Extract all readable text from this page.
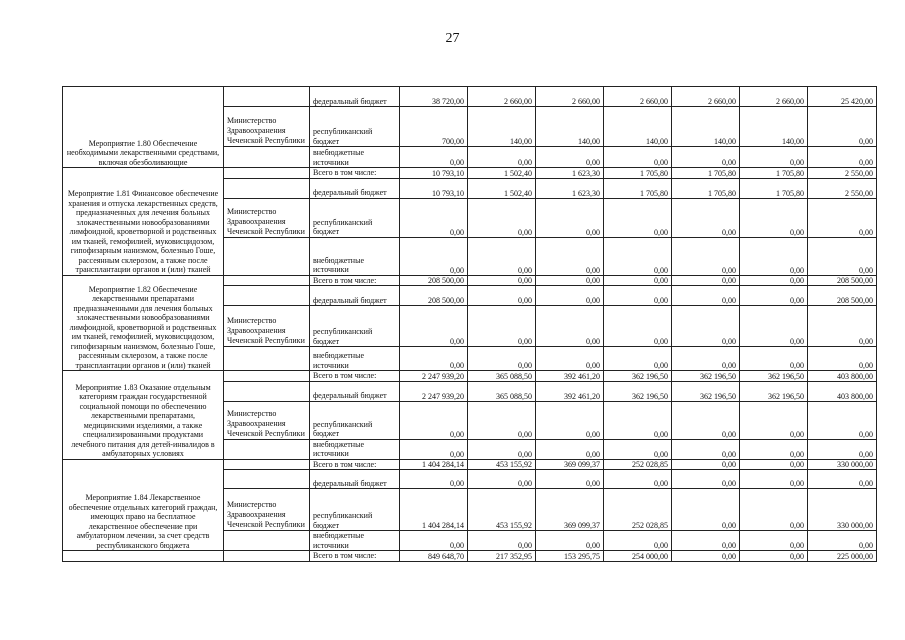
27
Мероприятие 1.80 Обеспечение необходимыми лекарственными средствами, включая обезболивающие		федеральный бюджет	38 720,00	2 660,00	2 660,00	2 660,00	2 660,00	2 660,00	25 420,00
	Министерство Здравоохранения Чеченской Республики	республиканский бюджет	700,00	140,00	140,00	140,00	140,00	140,00	0,00
		внебюджетные источники	0,00	0,00	0,00	0,00	0,00	0,00	0,00
Мероприятие 1.81 Финансовое обеспечение хранения и отпуска лекарственных средств, предназначенных для лечения больных злокачественными новообразованиями лимфоидной, кроветворной и родственных им тканей, гемофилией, муковисцидозом, гипофизарным нанизмом, болезнью Гоше, рассеянным склерозом, а также после трансплантации органов и (или) тканей		Всего в том числе:	10 793,10	1 502,40	1 623,30	1 705,80	1 705,80	1 705,80	2 550,00
		федеральный бюджет	10 793,10	1 502,40	1 623,30	1 705,80	1 705,80	1 705,80	2 550,00
	Министерство Здравоохранения Чеченской Республики	республиканский бюджет	0,00	0,00	0,00	0,00	0,00	0,00	0,00
		внебюджетные источники	0,00	0,00	0,00	0,00	0,00	0,00	0,00
Мероприятие 1.82 Обеспечение лекарственными препаратами предназначенными для лечения больных злокачественными новообразованиями лимфоидной, кроветворной и родственных им тканей, гемофилией, муковисцидозом, гипофизарным нанизмом, болезнью Гоше, рассеянным склерозом, а также после трансплантации органов и (или) тканей		Всего в том числе:	208 500,00	0,00	0,00	0,00	0,00	0,00	208 500,00
		федеральный бюджет	208 500,00	0,00	0,00	0,00	0,00	0,00	208 500,00
	Министерство Здравоохранения Чеченской Республики	республиканский бюджет	0,00	0,00	0,00	0,00	0,00	0,00	0,00
		внебюджетные источники	0,00	0,00	0,00	0,00	0,00	0,00	0,00
Мероприятие 1.83 Оказание отдельным категориям граждан государственной социальной помощи по обеспечению лекарственными препаратами, медицинскими изделиями, а также специализированными продуктами лечебного питания для детей-инвалидов в амбулаторных условиях		Всего в том числе:	2 247 939,20	365 088,50	392 461,20	362 196,50	362 196,50	362 196,50	403 800,00
		федеральный бюджет	2 247 939,20	365 088,50	392 461,20	362 196,50	362 196,50	362 196,50	403 800,00
	Министерство Здравоохранения Чеченской Республики	республиканский бюджет	0,00	0,00	0,00	0,00	0,00	0,00	0,00
		внебюджетные источники	0,00	0,00	0,00	0,00	0,00	0,00	0,00
Мероприятие 1.84 Лекарственное обеспечение отдельных категорий граждан, имеющих право на бесплатное лекарственное обеспечение при амбулаторном лечении, за счет средств республиканского бюджета		Всего в том числе:	1 404 284,14	453 155,92	369 099,37	252 028,85	0,00	0,00	330 000,00
		федеральный бюджет	0,00	0,00	0,00	0,00	0,00	0,00	0,00
	Министерство Здравоохранения Чеченской Республики	республиканский бюджет	1 404 284,14	453 155,92	369 099,37	252 028,85	0,00	0,00	330 000,00
		внебюджетные источники	0,00	0,00	0,00	0,00	0,00	0,00	0,00
		Всего в том числе:	849 648,70	217 352,95	153 295,75	254 000,00	0,00	0,00	225 000,00
